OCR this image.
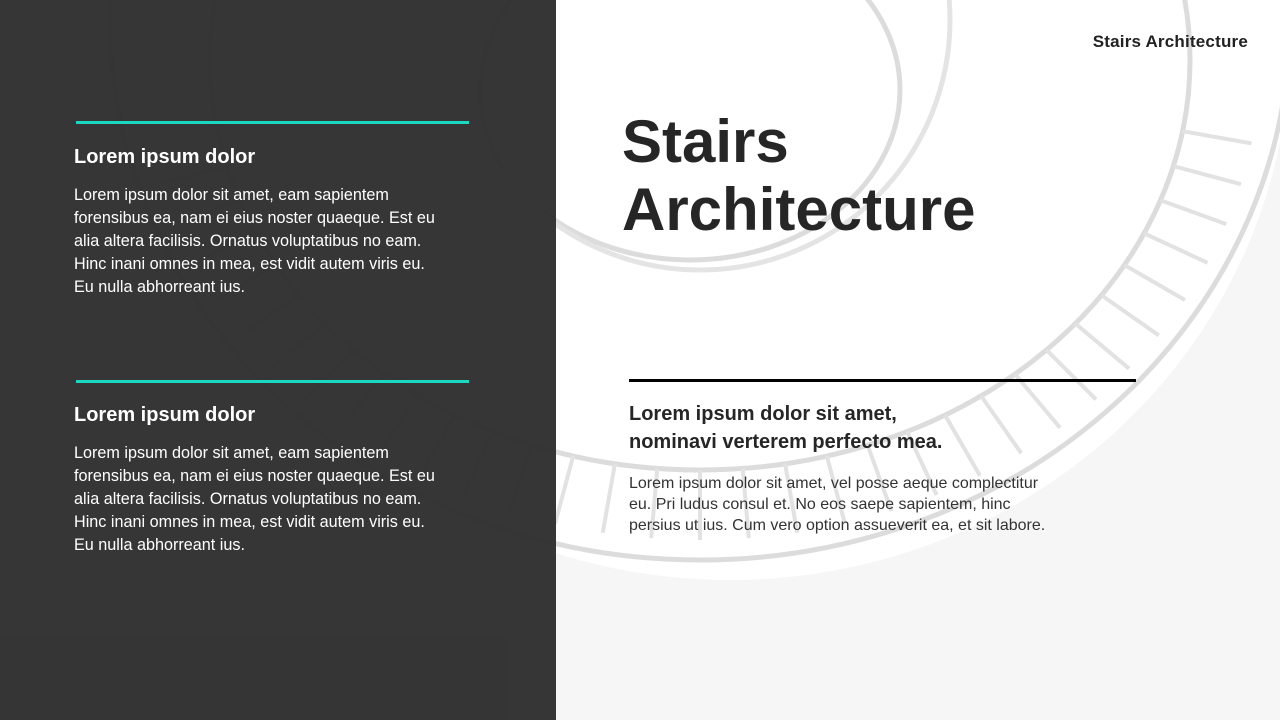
Lorem ipsum dolor
Lorem ipsum dolor sit amet, eam sapientem
forensibus ea, nam ei eius noster quaeque. Est eu
alia altera facilisis. Ornatus voluptatibus no eam.
Hinc inani omnes in mea, est vidit autem viris eu.
Eu nulla abhorreant ius.
Lorem ipsum dolor
Lorem ipsum dolor sit amet, eam sapientem
forensibus ea, nam ei eius noster quaeque. Est eu
alia altera facilisis. Ornatus voluptatibus no eam.
Hinc inani omnes in mea, est vidit autem viris eu.
Eu nulla abhorreant ius.
Stairs Architecture
Stairs
Architecture
Lorem ipsum dolor sit amet,
nominavi verterem perfecto mea.
Lorem ipsum dolor sit amet, vel posse aeque complectitur
eu. Pri ludus consul et. No eos saepe sapientem, hinc
persius ut ius. Cum vero option assueverit ea, et sit labore.
